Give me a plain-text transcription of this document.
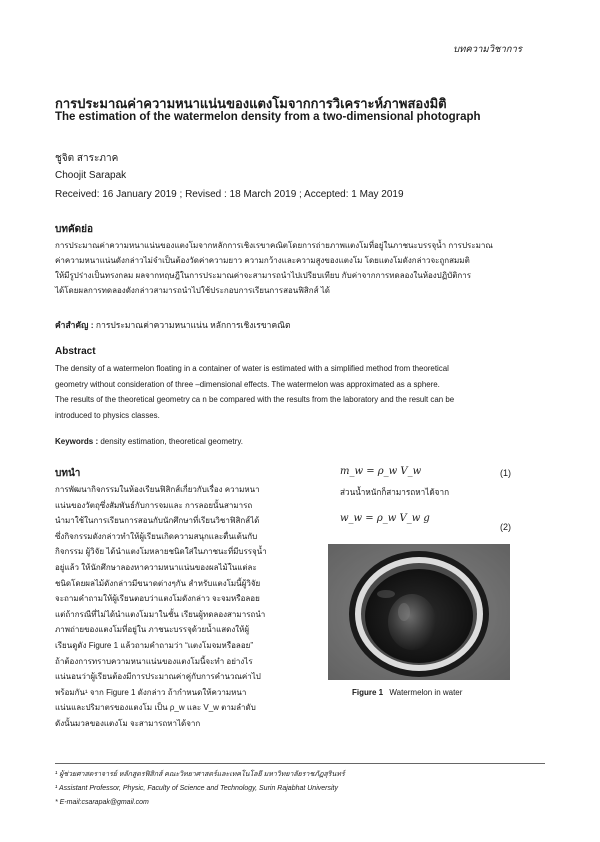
บทความวิชาการ
การประมาณค่าความหนาแน่นของแตงโมจากการวิเคราะห์ภาพสองมิติ
The estimation of the watermelon density from a two-dimensional photograph
ชูจิต สาระภาค
Choojit Sarapak
Received: 16 January 2019 ; Revised : 18 March 2019 ; Accepted: 1 May 2019
บทคัดย่อ
การประมาณค่าความหนาแน่นของแตงโมจากหลักการเชิงเรขาคณิตโดยการถ่ายภาพแตงโมที่อยู่ในภาชนะบรรจุน้ำ การประมาณ
ค่าความหนาแน่นดังกล่าวไม่จำเป็นต้องวัดค่าความยาว ความกว้างและความสูงของแตงโม โดยแตงโมดังกล่าวจะถูกสมมติ
ให้มีรูปร่างเป็นทรงกลม ผลจากทฤษฎีในการประมาณค่าจะสามารถนำไปเปรียบเทียบ กับค่าจากการทดลองในห้องปฏิบัติการ
ได้โดยผลการทดลองดังกล่าวสามารถนำไปใช้ประกอบการเรียนการสอนฟิสิกส์ ได้
คำสำคัญ : การประมาณค่าความหนาแน่น หลักการเชิงเรขาคณิต
Abstract
The density of a watermelon floating in a container of water is estimated with a simplified method from theoretical
geometry without consideration of three –dimensional effects. The watermelon was approximated as a sphere.
The results of the theoretical geometry ca n be compared with the results from the laboratory and the result can be
introduced to physics classes.
Keywords : density estimation, theoretical geometry.
บทนำ
การพัฒนากิจกรรมในห้องเรียนฟิสิกส์เกี่ยวกับเรื่อง ความหนา
แน่นของวัตถุซึ่งสัมพันธ์กับการจมและ การลอยนั้นสามารถ
นำมาใช้ในการเรียนการสอนกับนักศึกษาที่เรียนวิชาฟิสิกส์ได้
ซึ่งกิจกรรมดังกล่าวทำให้ผู้เรียนเกิดความสนุกและตื่นเต้นกับ
กิจกรรม ผู้วิจัย ได้นำแตงโมหลายชนิดใส่ในภาชนะที่มีบรรจุน้ำ
อยู่แล้ว ให้นักศึกษาลองหาความหนาแน่นของผลไม้ในแต่ละ
ชนิดโดยผลไม้ดังกล่าวมีขนาดต่างๆกัน สำหรับแตงโมนี้ผู้วิจัย
จะถามคำถามให้ผู้เรียนตอบว่าแตงโมดังกล่าว จะจมหรือลอย
แต่ถ้ากรณีที่ไม่ได้นำแตงโมมาในชั้น เรียนผู้ทดลองสามารถนำ
ภาพถ่ายของแตงโมที่อยู่ใน ภาชนะบรรจุด้วยน้ำแสดงให้ผู้
เรียนดูดัง Figure 1 แล้วถามคำถามว่า “แตงโมจมหรือลอย”
ถ้าต้องการทราบความหนาแน่นของแตงโมนี้จะทำ อย่างไร
แน่นอนว่าผู้เรียนต้องมีการประมาณค่าคู่กับการคำนวณค่าไป
พร้อมกัน¹ จาก Figure 1 ดังกล่าว ถ้ากำหนดให้ความหนา
แน่นและปริมาตรของแตงโม เป็น ρ_w และ V_w ตามลำดับ
ดังนั้นมวลของแตงโม จะสามารถหาได้จาก
m_w = ρ_w V_w	(1)
ส่วนน้ำหนักก็สามารถหาได้จาก
w_w = ρ_w V_w g
(2)
Figure 1 Watermelon in water
¹ ผู้ช่วยศาสตราจารย์ หลักสูตรฟิสิกส์ คณะวิทยาศาสตร์และเทคโนโลยี มหาวิทยาลัยราชภัฏสุรินทร์
¹ Assistant Professor, Physic, Faculty of Science and Technology, Surin Rajabhat University
* E-mail:csarapak@gmail.com
